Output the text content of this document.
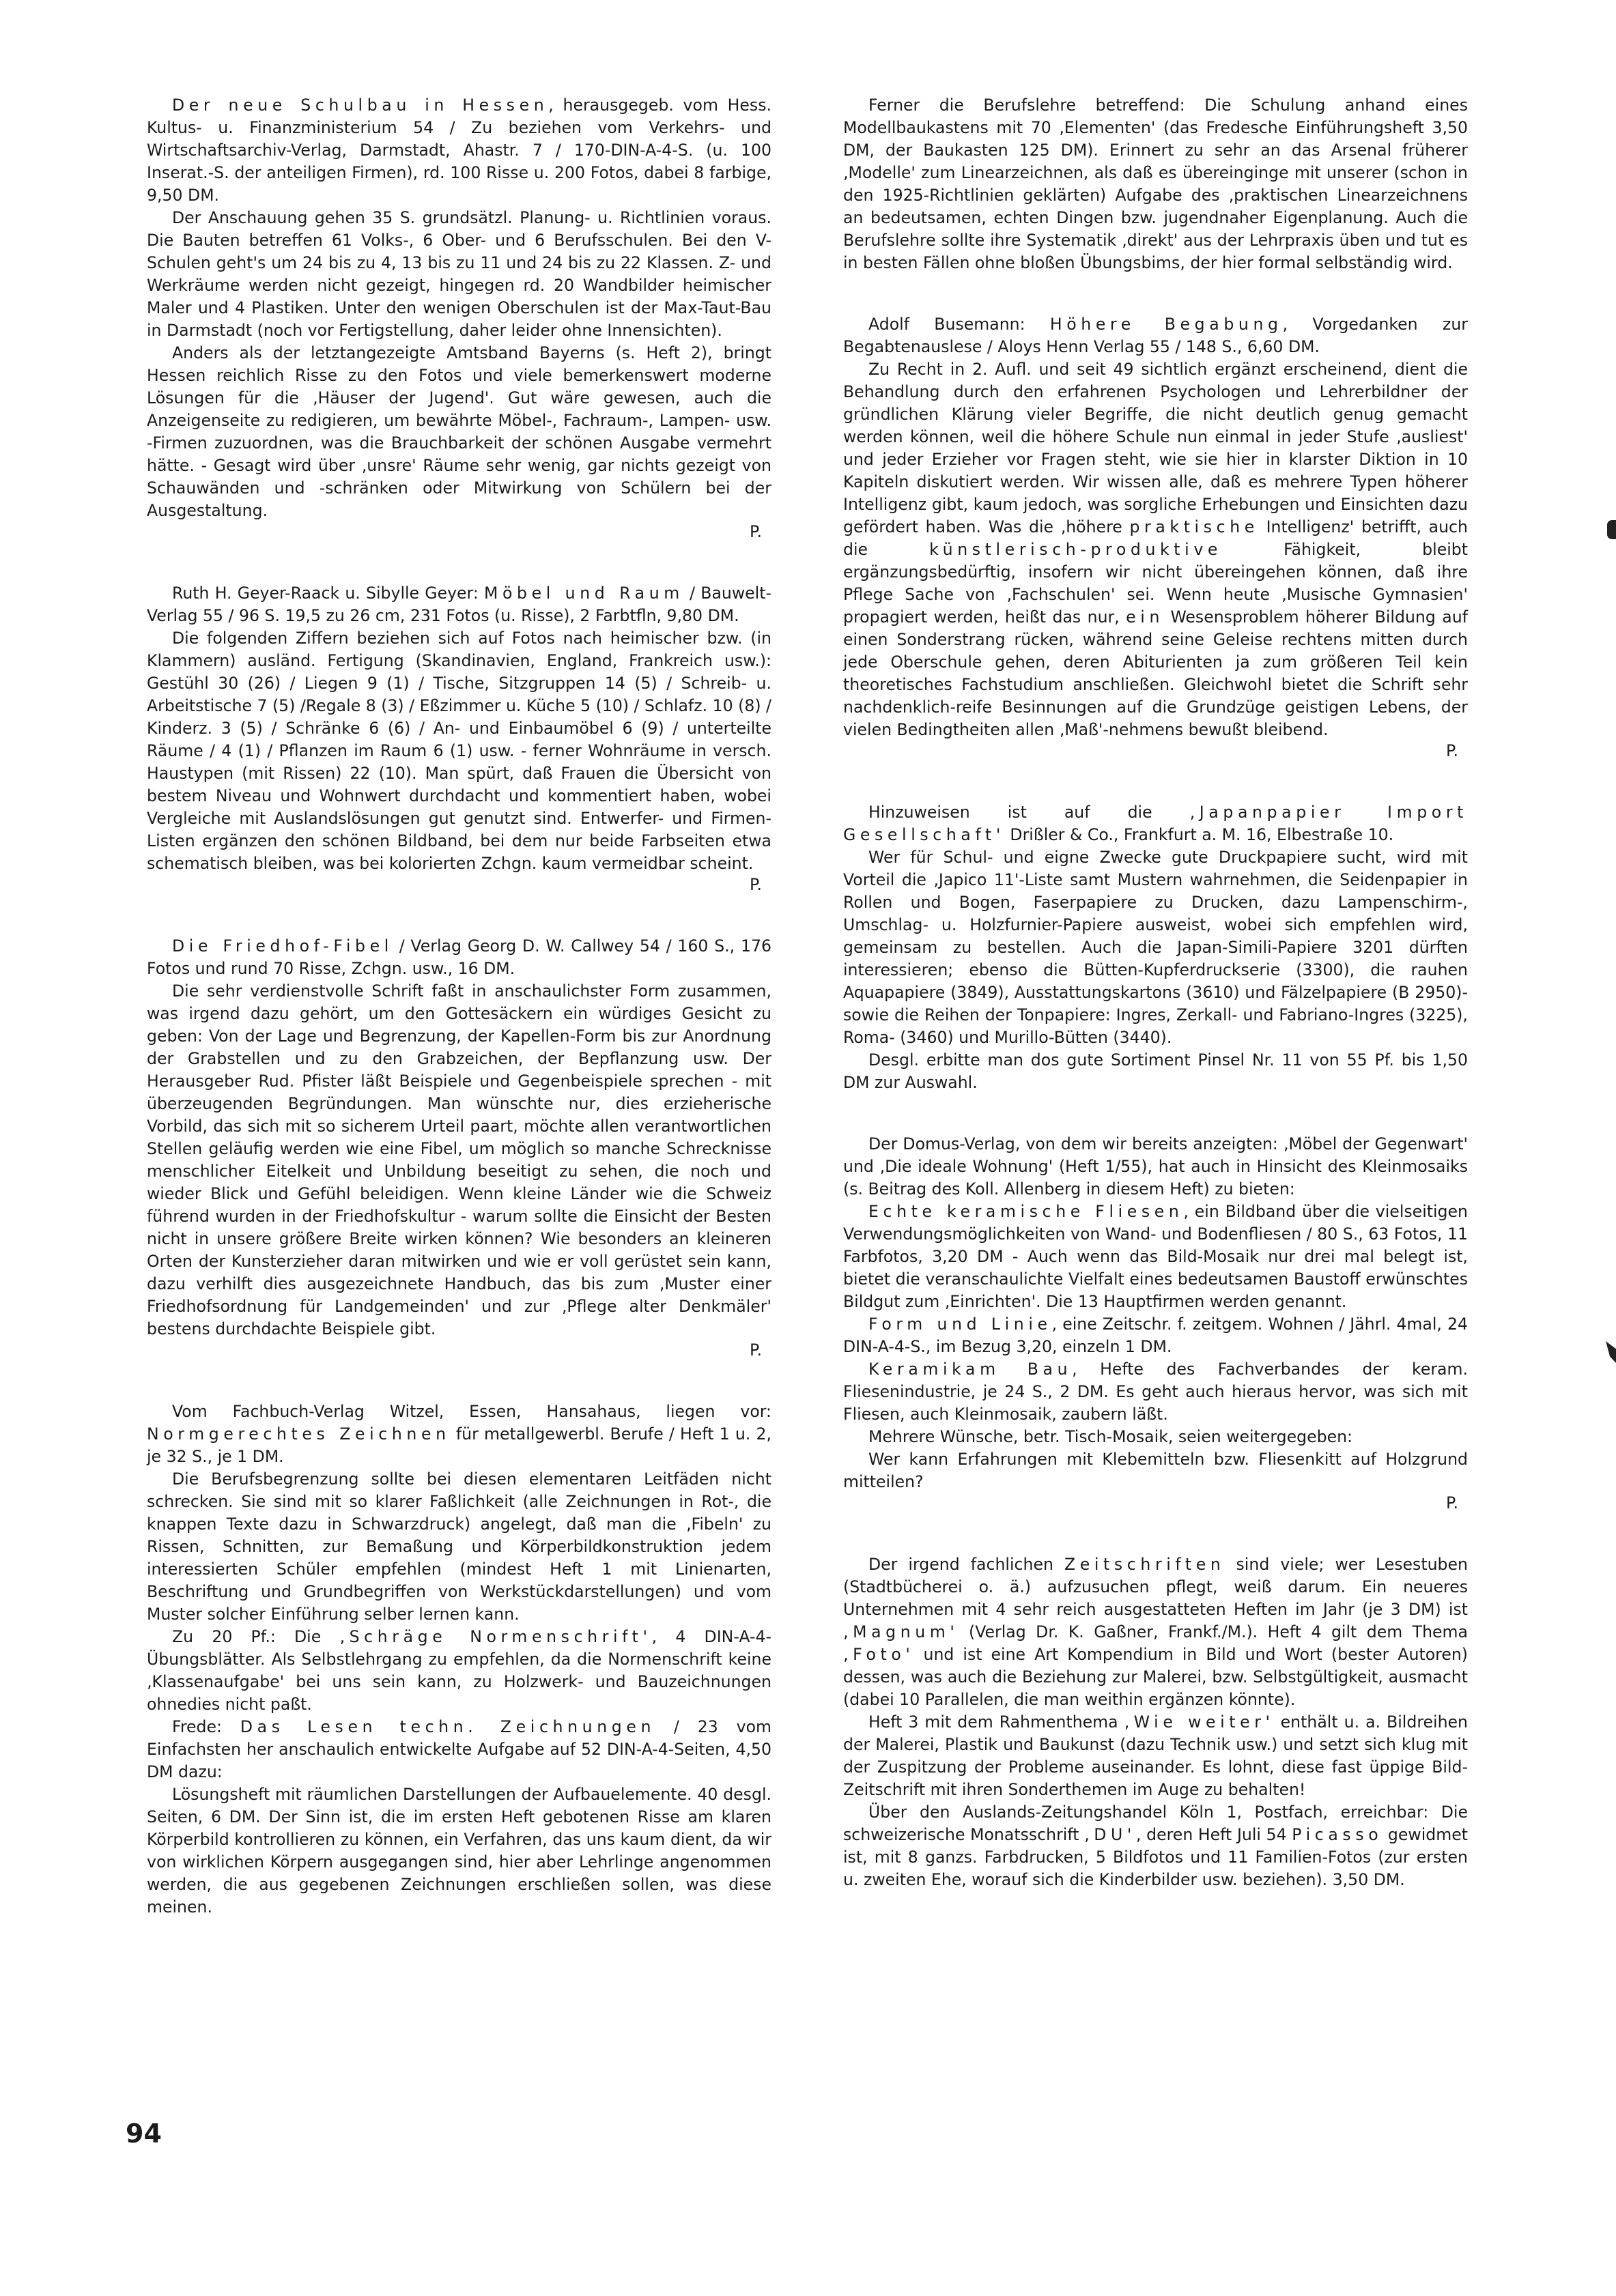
Der neue Schulbau in Hessen, herausgegeb. vom Hess. Kultus- u. Finanzministerium 54 / Zu beziehen vom Verkehrs- und Wirtschaftsarchiv-Verlag, Darmstadt, Ahastr. 7 / 170-DIN-A-4-S. (u. 100 Inserat.-S. der anteiligen Firmen), rd. 100 Risse u. 200 Fotos, dabei 8 farbige, 9,50 DM.

Der Anschauung gehen 35 S. grundsätzl. Planung- u. Richtlinien voraus. Die Bauten betreffen 61 Volks-, 6 Ober- und 6 Berufsschulen. Bei den V-Schulen geht's um 24 bis zu 4, 13 bis zu 11 und 24 bis zu 22 Klassen. Z- und Werkräume werden nicht gezeigt, hingegen rd. 20 Wandbilder heimischer Maler und 4 Plastiken. Unter den wenigen Oberschulen ist der Max-Taut-Bau in Darmstadt (noch vor Fertigstellung, daher leider ohne Innensichten).

Anders als der letztangezeigte Amtsband Bayerns (s. Heft 2), bringt Hessen reichlich Risse zu den Fotos und viele bemerkenswert moderne Lösungen für die ‚Häuser der Jugend'. Gut wäre gewesen, auch die Anzeigenseite zu redigieren, um bewährte Möbel-, Fachraum-, Lampen- usw. -Firmen zuzuordnen, was die Brauchbarkeit der schönen Ausgabe vermehrt hätte. - Gesagt wird über ‚unsre' Räume sehr wenig, gar nichts gezeigt von Schauwänden und -schränken oder Mitwirkung von Schülern bei der Ausgestaltung.

P.

Ruth H. Geyer-Raack u. Sibylle Geyer: Möbel und Raum / Bauwelt-Verlag 55 / 96 S. 19,5 zu 26 cm, 231 Fotos (u. Risse), 2 Farbtfln, 9,80 DM.

Die folgenden Ziffern beziehen sich auf Fotos nach heimischer bzw. (in Klammern) ausländ. Fertigung (Skandinavien, England, Frankreich usw.): Gestühl 30 (26) / Liegen 9 (1) / Tische, Sitzgruppen 14 (5) / Schreib- u. Arbeitstische 7 (5) /Regale 8 (3) / Eßzimmer u. Küche 5 (10) / Schlafz. 10 (8) / Kinderz. 3 (5) / Schränke 6 (6) / An- und Einbaumöbel 6 (9) / unterteilte Räume / 4 (1) / Pflanzen im Raum 6 (1) usw. - ferner Wohnräume in versch. Haustypen (mit Rissen) 22 (10). Man spürt, daß Frauen die Übersicht von bestem Niveau und Wohnwert durchdacht und kommentiert haben, wobei Vergleiche mit Auslandslösungen gut genutzt sind. Entwerfer- und Firmen-Listen ergänzen den schönen Bildband, bei dem nur beide Farbseiten etwa schematisch bleiben, was bei kolorierten Zchgn. kaum vermeidbar scheint.

P.

Die Friedhof-Fibel / Verlag Georg D. W. Callwey 54 / 160 S., 176 Fotos und rund 70 Risse, Zchgn. usw., 16 DM.

Die sehr verdienstvolle Schrift faßt in anschaulichster Form zusammen, was irgend dazu gehört, um den Gottesäckern ein würdiges Gesicht zu geben: Von der Lage und Begrenzung, der Kapellen-Form bis zur Anordnung der Grabstellen und zu den Grabzeichen, der Bepflanzung usw. Der Herausgeber Rud. Pfister läßt Beispiele und Gegenbeispiele sprechen - mit überzeugenden Begründungen. Man wünschte nur, dies erzieherische Vorbild, das sich mit so sicherem Urteil paart, möchte allen verantwortlichen Stellen geläufig werden wie eine Fibel, um möglich so manche Schrecknisse menschlicher Eitelkeit und Unbildung beseitigt zu sehen, die noch und wieder Blick und Gefühl beleidigen. Wenn kleine Länder wie die Schweiz führend wurden in der Friedhofskultur - warum sollte die Einsicht der Besten nicht in unsere größere Breite wirken können? Wie besonders an kleineren Orten der Kunsterzieher daran mitwirken und wie er voll gerüstet sein kann, dazu verhilft dies ausgezeichnete Handbuch, das bis zum ‚Muster einer Friedhofsordnung für Landgemeinden' und zur ‚Pflege alter Denkmäler' bestens durchdachte Beispiele gibt.

P.

Vom Fachbuch-Verlag Witzel, Essen, Hansahaus, liegen vor: Normgerechtes Zeichnen für metallgewerbl. Berufe / Heft 1 u. 2, je 32 S., je 1 DM.

Die Berufsbegrenzung sollte bei diesen elementaren Leitfäden nicht schrecken. Sie sind mit so klarer Faßlichkeit (alle Zeichnungen in Rot-, die knappen Texte dazu in Schwarzdruck) angelegt, daß man die ‚Fibeln' zu Rissen, Schnitten, zur Bemaßung und Körperbildkonstruktion jedem interessierten Schüler empfehlen (mindest Heft 1 mit Linienarten, Beschriftung und Grundbegriffen von Werkstückdarstellungen) und vom Muster solcher Einführung selber lernen kann.

Zu 20 Pf.: Die ‚Schräge Normenschrift', 4 DIN-A-4-Übungsblätter. Als Selbstlehrgang zu empfehlen, da die Normenschrift keine ‚Klassenaufgabe' bei uns sein kann, zu Holzwerk- und Bauzeichnungen ohnedies nicht paßt.

Frede: Das Lesen techn. Zeichnungen / 23 vom Einfachsten her anschaulich entwickelte Aufgabe auf 52 DIN-A-4-Seiten, 4,50 DM dazu:

Lösungsheft mit räumlichen Darstellungen der Aufbauelemente. 40 desgl. Seiten, 6 DM. Der Sinn ist, die im ersten Heft gebotenen Risse am klaren Körperbild kontrollieren zu können, ein Verfahren, das uns kaum dient, da wir von wirklichen Körpern ausgegangen sind, hier aber Lehrlinge angenommen werden, die aus gegebenen Zeichnungen erschließen sollen, was diese meinen.

Ferner die Berufslehre betreffend: Die Schulung anhand eines Modellbaukastens mit 70 ‚Elementen' (das Fredesche Einführungsheft 3,50 DM, der Baukasten 125 DM). Erinnert zu sehr an das Arsenal früherer ‚Modelle' zum Linearzeichnen, als daß es übereinginge mit unserer (schon in den 1925-Richtlinien geklärten) Aufgabe des ‚praktischen Linearzeichnens an bedeutsamen, echten Dingen bzw. jugendnaher Eigenplanung. Auch die Berufslehre sollte ihre Systematik ‚direkt' aus der Lehrpraxis üben und tut es in besten Fällen ohne bloßen Übungsbims, der hier formal selbständig wird.

Adolf Busemann: Höhere Begabung, Vorgedanken zur Begabtenauslese / Aloys Henn Verlag 55 / 148 S., 6,60 DM.

Zu Recht in 2. Aufl. und seit 49 sichtlich ergänzt erscheinend, dient die Behandlung durch den erfahrenen Psychologen und Lehrerbildner der gründlichen Klärung vieler Begriffe, die nicht deutlich genug gemacht werden können, weil die höhere Schule nun einmal in jeder Stufe ‚ausliest' und jeder Erzieher vor Fragen steht, wie sie hier in klarster Diktion in 10 Kapiteln diskutiert werden. Wir wissen alle, daß es mehrere Typen höherer Intelligenz gibt, kaum jedoch, was sorgliche Erhebungen und Einsichten dazu gefördert haben. Was die ‚höhere praktische Intelligenz' betrifft, auch die künstlerisch-produktive Fähigkeit, bleibt ergänzungsbedürftig, insofern wir nicht übereingehen können, daß ihre Pflege Sache von ‚Fachschulen' sei. Wenn heute ‚Musische Gymnasien' propagiert werden, heißt das nur, ein Wesensproblem höherer Bildung auf einen Sonderstrang rücken, während seine Geleise rechtens mitten durch jede Oberschule gehen, deren Abiturienten ja zum größeren Teil kein theoretisches Fachstudium anschließen. Gleichwohl bietet die Schrift sehr nachdenklich-reife Besinnungen auf die Grundzüge geistigen Lebens, der vielen Bedingtheiten allen ‚Maß'-nehmens bewußt bleibend.

P.

Hinzuweisen ist auf die ‚Japanpapier Import Gesellschaft' Drißler & Co., Frankfurt a. M. 16, Elbestraße 10.

Wer für Schul- und eigne Zwecke gute Druckpapiere sucht, wird mit Vorteil die ‚Japico 11'-Liste samt Mustern wahrnehmen, die Seidenpapier in Rollen und Bogen, Faserpapiere zu Drucken, dazu Lampenschirm-, Umschlag- u. Holzfurnier-Papiere ausweist, wobei sich empfehlen wird, gemeinsam zu bestellen. Auch die Japan-Simili-Papiere 3201 dürften interessieren; ebenso die Bütten-Kupferdruckserie (3300), die rauhen Aquapapiere (3849), Ausstattungskartons (3610) und Fälzelpapiere (B 2950)- sowie die Reihen der Tonpapiere: Ingres, Zerkall- und Fabriano-Ingres (3225), Roma- (3460) und Murillo-Bütten (3440).

Desgl. erbitte man dos gute Sortiment Pinsel Nr. 11 von 55 Pf. bis 1,50 DM zur Auswahl.

Der Domus-Verlag, von dem wir bereits anzeigten: ‚Möbel der Gegenwart' und ‚Die ideale Wohnung' (Heft 1/55), hat auch in Hinsicht des Kleinmosaiks (s. Beitrag des Koll. Allenberg in diesem Heft) zu bieten:

Echte keramische Fliesen, ein Bildband über die vielseitigen Verwendungsmöglichkeiten von Wand- und Bodenfliesen / 80 S., 63 Fotos, 11 Farbfotos, 3,20 DM - Auch wenn das Bild-Mosaik nur drei mal belegt ist, bietet die veranschaulichte Vielfalt eines bedeutsamen Baustoff erwünschtes Bildgut zum ‚Einrichten'. Die 13 Hauptfirmen werden genannt.

Form und Linie, eine Zeitschr. f. zeitgem. Wohnen / Jährl. 4mal, 24 DIN-A-4-S., im Bezug 3,20, einzeln 1 DM.

Keramikam Bau, Hefte des Fachverbandes der keram. Fliesenindustrie, je 24 S., 2 DM. Es geht auch hieraus hervor, was sich mit Fliesen, auch Kleinmosaik, zaubern läßt.

Mehrere Wünsche, betr. Tisch-Mosaik, seien weitergegeben:

Wer kann Erfahrungen mit Klebemitteln bzw. Fliesenkitt auf Holzgrund mitteilen?

P.

Der irgend fachlichen Zeitschriften sind viele; wer Lesestuben (Stadtbücherei o. ä.) aufzusuchen pflegt, weiß darum. Ein neueres Unternehmen mit 4 sehr reich ausgestatteten Heften im Jahr (je 3 DM) ist ‚Magnum' (Verlag Dr. K. Gaßner, Frankf./M.). Heft 4 gilt dem Thema ‚Foto' und ist eine Art Kompendium in Bild und Wort (bester Autoren) dessen, was auch die Beziehung zur Malerei, bzw. Selbstgültigkeit, ausmacht (dabei 10 Parallelen, die man weithin ergänzen könnte).

Heft 3 mit dem Rahmenthema ‚Wie weiter' enthält u. a. Bildreihen der Malerei, Plastik und Baukunst (dazu Technik usw.) und setzt sich klug mit der Zuspitzung der Probleme auseinander. Es lohnt, diese fast üppige Bild-Zeitschrift mit ihren Sonderthemen im Auge zu behalten!

Über den Auslands-Zeitungshandel Köln 1, Postfach, erreichbar: Die schweizerische Monatsschrift ‚DU', deren Heft Juli 54 Picasso gewidmet ist, mit 8 ganzs. Farbdrucken, 5 Bildfotos und 11 Familien-Fotos (zur ersten u. zweiten Ehe, worauf sich die Kinderbilder usw. beziehen). 3,50 DM.

94
